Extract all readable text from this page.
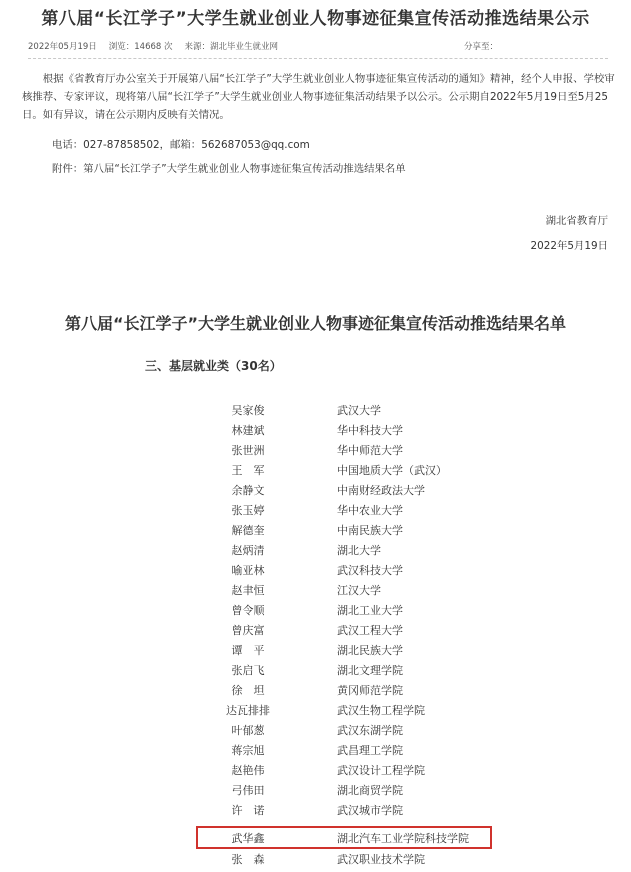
第八届“长江学子”大学生就业创业人物事迹征集宣传活动推选结果公示
2022年05月19日 浏览：14668 次 来源：湖北毕业生就业网	分享至：
根据《省教育厅办公室关于开展第八届“长江学子”大学生就业创业人物事迹征集宣传活动的通知》精神，经个人申报、学校审核推荐、专家评议，现将第八届“长江学子”大学生就业创业人物事迹征集活动结果予以公示。公示期自2022年5月19日至5月25日。如有异议，请在公示期内反映有关情况。
电话：027-87858502，邮箱：562687053@qq.com
附件：第八届“长江学子”大学生就业创业人物事迹征集宣传活动推选结果名单
湖北省教育厅
2022年5月19日
第八届“长江学子”大学生就业创业人物事迹征集宣传活动推选结果名单
三、基层就业类（30名）
吴家俊	武汉大学
林建斌	华中科技大学
张世洲	华中师范大学
王　军	中国地质大学（武汉）
余静文	中南财经政法大学
张玉婷	华中农业大学
解德奎	中南民族大学
赵炳清	湖北大学
喻亚林	武汉科技大学
赵聿恒	江汉大学
曾令顺	湖北工业大学
曾庆富	武汉工程大学
谭　平	湖北民族大学
张启飞	湖北文理学院
徐　坦	黄冈师范学院
达瓦排排	武汉生物工程学院
叶郁葱	武汉东湖学院
蒋宗旭	武昌理工学院
赵艳伟	武汉设计工程学院
弓伟田	湖北商贸学院
许　诺	武汉城市学院
武华鑫	湖北汽车工业学院科技学院
张　森	武汉职业技术学院
